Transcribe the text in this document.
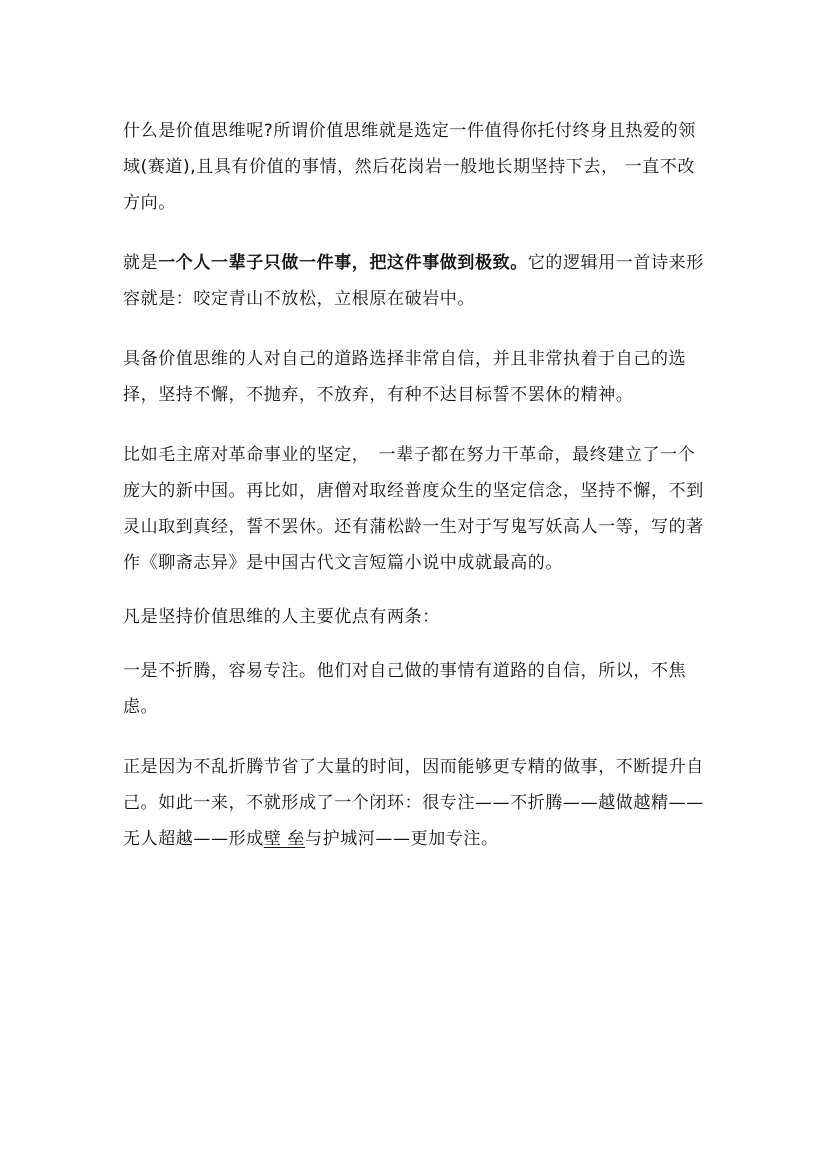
什么是价值思维呢?所谓价值思维就是选定一件值得你托付终身且热爱的领域(赛道),且具有价值的事情，然后花岗岩一般地长期坚持下去， 一直不改方向。

就是一个人一辈子只做一件事，把这件事做到极致。它的逻辑用一首诗来形容就是：咬定青山不放松，立根原在破岩中。

具备价值思维的人对自己的道路选择非常自信，并且非常执着于自己的选择，坚持不懈，不抛弃，不放弃，有种不达目标誓不罢休的精神。

比如毛主席对革命事业的坚定，　一辈子都在努力干革命，最终建立了一个庞大的新中国。再比如，唐僧对取经普度众生的坚定信念，坚持不懈，不到灵山取到真经，誓不罢休。还有蒲松龄一生对于写鬼写妖高人一等，写的著作《聊斋志异》是中国古代文言短篇小说中成就最高的。

凡是坚持价值思维的人主要优点有两条：

一是不折腾，容易专注。他们对自己做的事情有道路的自信，所以，不焦虑。

正是因为不乱折腾节省了大量的时间，因而能够更专精的做事，不断提升自己。如此一来，不就形成了一个闭环：很专注——不折腾——越做越精——无人超越——形成壁 垒与护城河——更加专注。
